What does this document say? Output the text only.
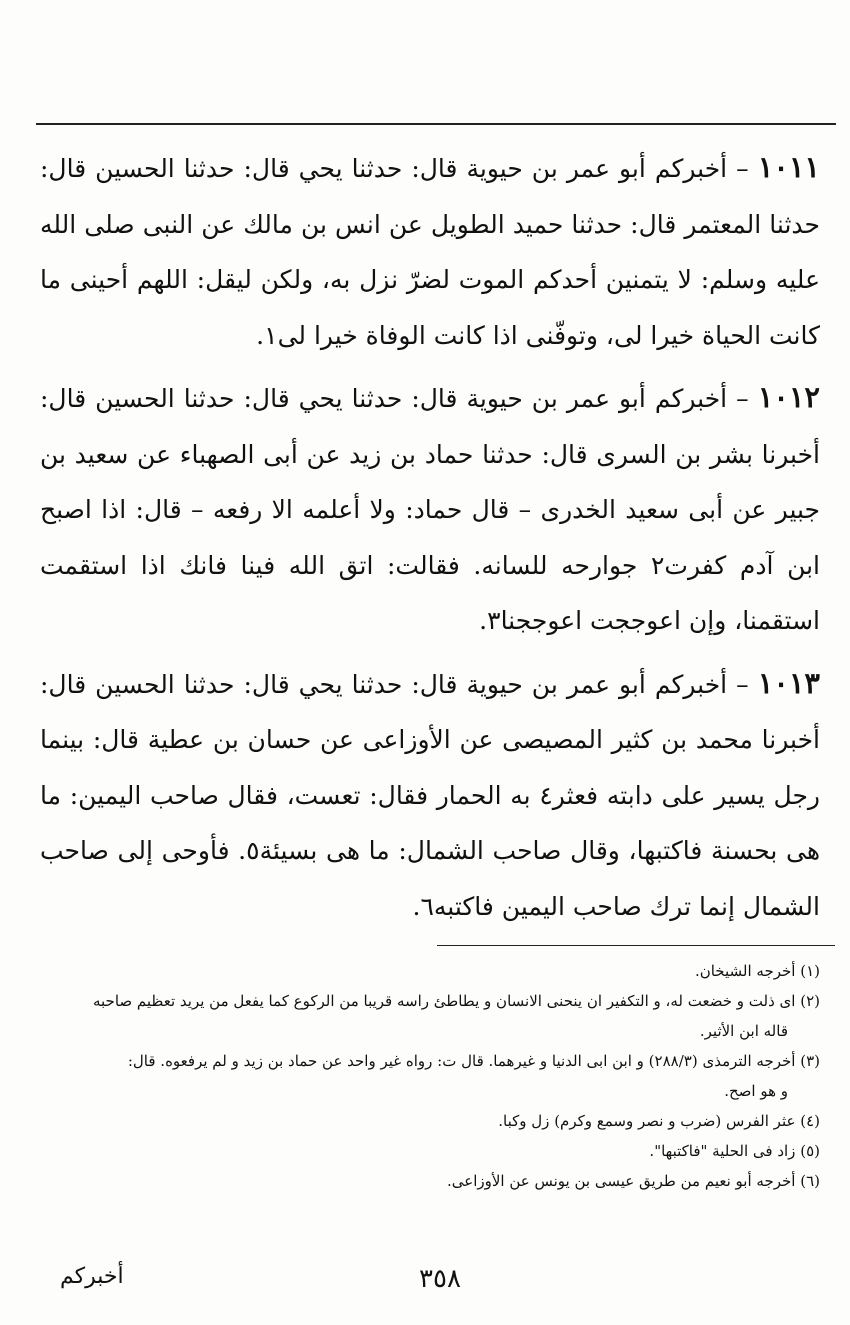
١٠١١ – أخبركم أبو عمر بن حيوية قال: حدثنا يحي قال: حدثنا الحسين قال: حدثنا المعتمر قال: حدثنا حميد الطويل عن انس بن مالك عن النبى صلى الله عليه وسلم: لا يتمنين أحدكم الموت لضرّ نزل به، ولكن ليقل: اللهم أحينى ما كانت الحياة خيرا لى، وتوفّنى اذا كانت الوفاة خيرا لى١.

١٠١٢ – أخبركم أبو عمر بن حيوية قال: حدثنا يحي قال: حدثنا الحسين قال: أخبرنا بشر بن السرى قال: حدثنا حماد بن زيد عن أبى الصهباء عن سعيد بن جبير عن أبى سعيد الخدرى – قال حماد: ولا أعلمه الا رفعه – قال: اذا اصبح ابن آدم كفرت٢ جوارحه للسانه. فقالت: اتق الله فينا فانك اذا استقمت استقمنا، وإن اعوججت اعوججنا٣.

١٠١٣ – أخبركم أبو عمر بن حيوية قال: حدثنا يحي قال: حدثنا الحسين قال: أخبرنا محمد بن كثير المصيصى عن الأوزاعى عن حسان بن عطية قال: بينما رجل يسير على دابته فعثر٤ به الحمار فقال: تعست، فقال صاحب اليمين: ما هى بحسنة فاكتبها، وقال صاحب الشمال: ما هى بسيئة٥. فأوحى إلى صاحب الشمال إنما ترك صاحب اليمين فاكتبه٦.

(١) أخرجه الشيخان.

(٢) اى ذلت و خضعت له، و التكفير ان ينحنى الانسان و يطاطئ راسه قريبا من الركوع كما يفعل من يريد تعظيم صاحبه
قاله ابن الأثير.

(٣) أخرجه الترمذى (٢٨٨/٣) و ابن ابى الدنيا و غيرهما. قال ت: رواه غير واحد عن حماد بن زيد و لم يرفعوه. قال:
و هو اصح.

(٤) عثر الفرس (ضرب و نصر وسمع وكرم) زل وكبا.

(٥) زاد فى الحلية "فاكتبها".

(٦) أخرجه أبو نعيم من طريق عيسى بن يونس عن الأوزاعى.

٣٥٨
أخبركم
